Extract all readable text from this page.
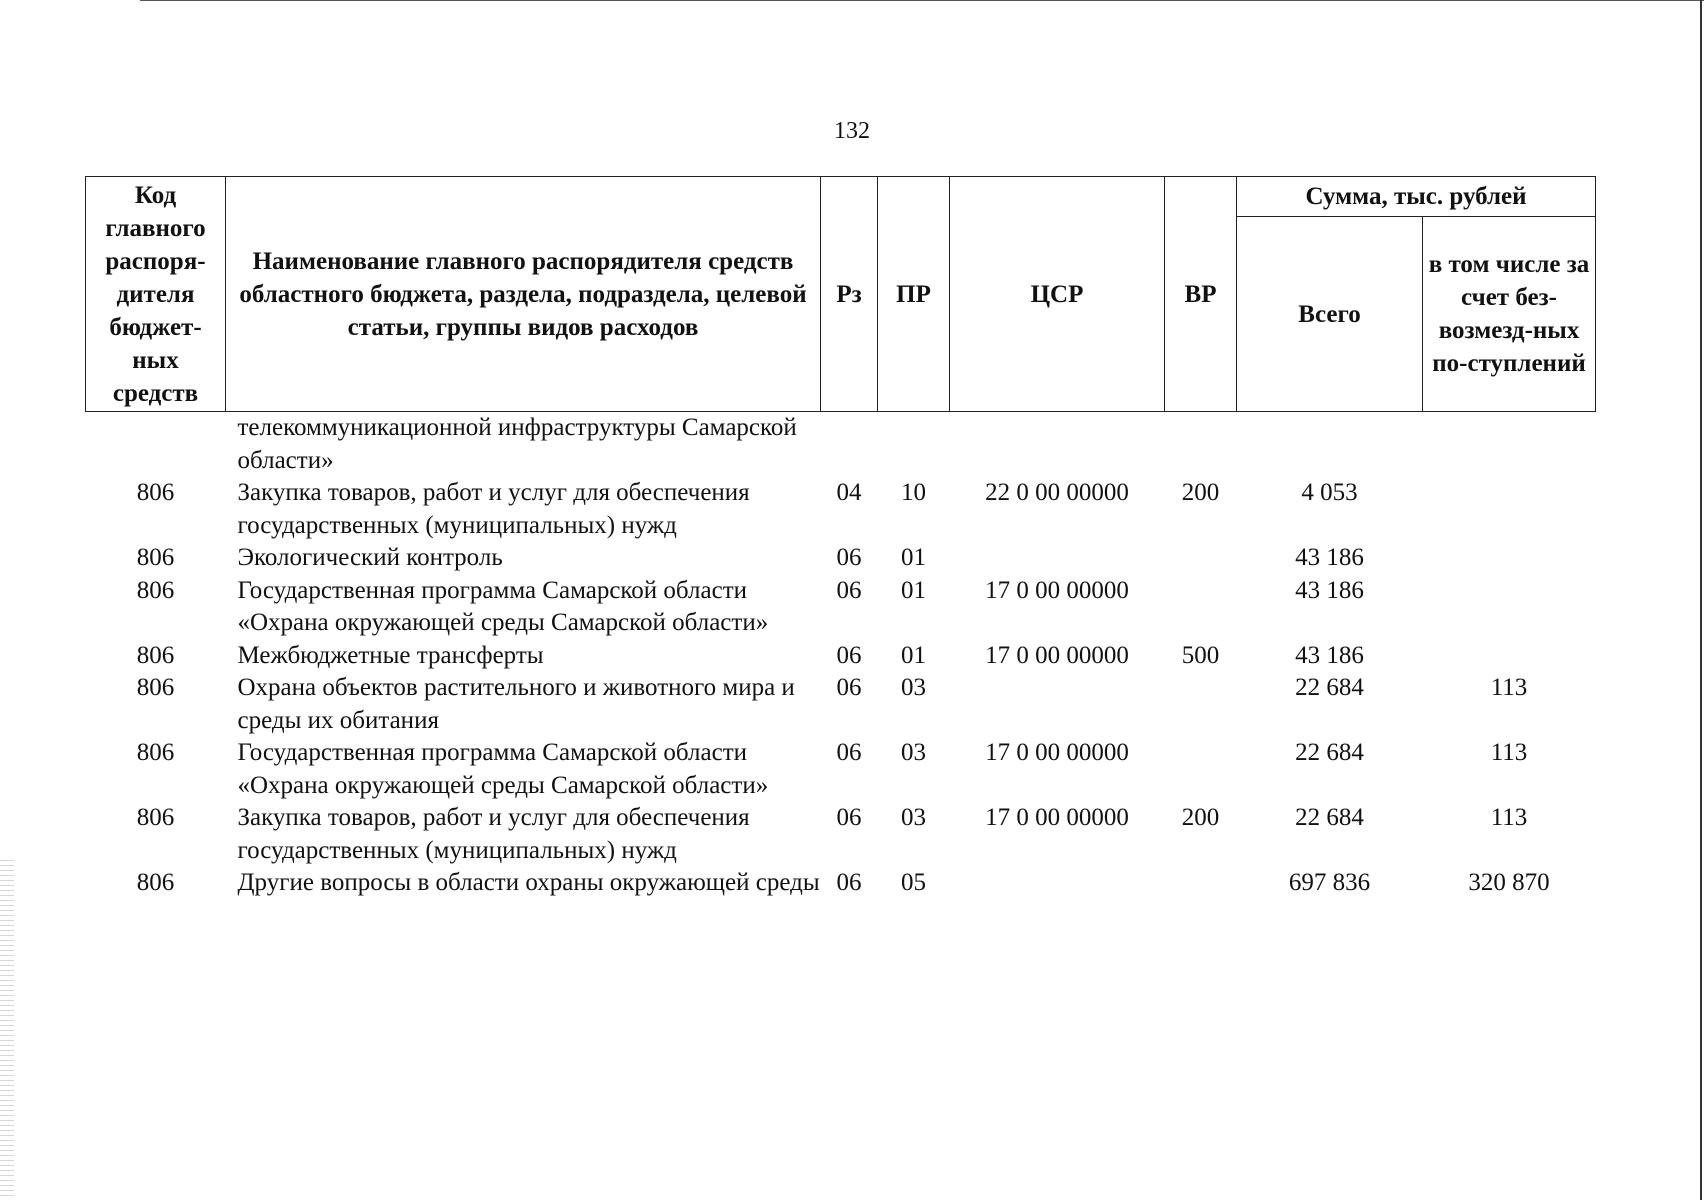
132
Код главного распоря-дителя бюджет-ных средств	Наименование главного распорядителя средств областного бюджета, раздела, подраздела, целевой статьи, группы видов расходов	Рз	ПР	ЦСР	ВР	Сумма, тыс. рублей	
						Всего	в том числе за счет без-возмезд-ных по-ступлений
	телекоммуникационной инфраструктуры Самарской области»						
806	Закупка товаров, работ и услуг для обеспечения государственных (муниципальных) нужд	04	10	22 0 00 00000	200	4 053	
806	Экологический контроль	06	01			43 186	
806	Государственная программа Самарской области «Охрана окружающей среды Самарской области»	06	01	17 0 00 00000		43 186	
806	Межбюджетные трансферты	06	01	17 0 00 00000	500	43 186	
806	Охрана объектов растительного и животного мира и среды их обитания	06	03			22 684	113
806	Государственная программа Самарской области «Охрана окружающей среды Самарской области»	06	03	17 0 00 00000		22 684	113
806	Закупка товаров, работ и услуг для обеспечения государственных (муниципальных) нужд	06	03	17 0 00 00000	200	22 684	113
806	Другие вопросы в области охраны окружающей среды	06	05			697 836	320 870
